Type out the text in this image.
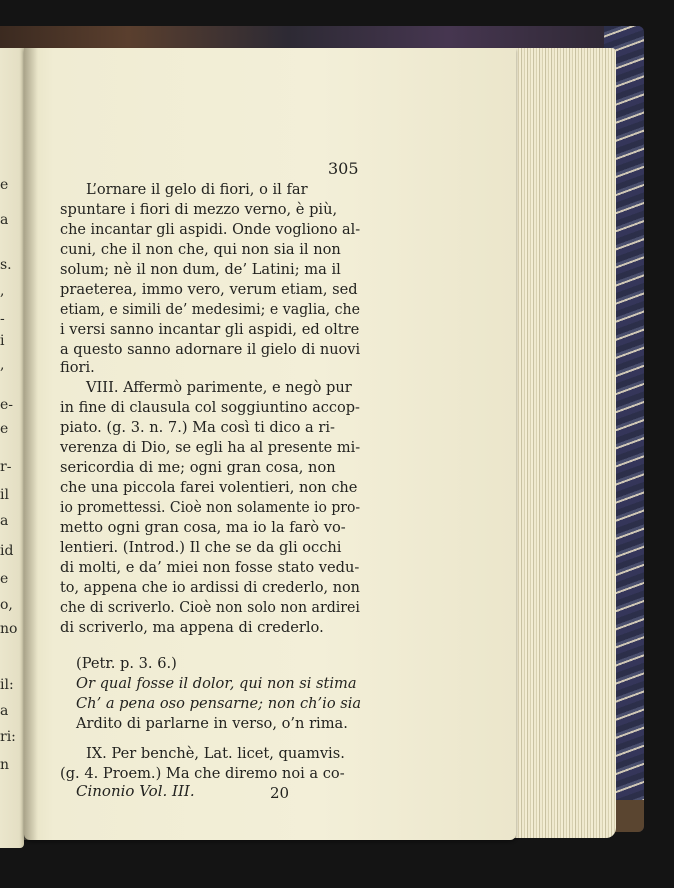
e
a
s.
,
-
i
,
e-
e
r-
il
a
id
e
o,
no
il:
a
ri:
n
305
L’ornare il gelo di fiori, o il far
spuntare i fiori di mezzo verno, è più,
che incantar gli aspidi. Onde vogliono al-
cuni, che il non che, qui non sia il non
solum; nè il non dum, de’ Latini; ma il
praeterea, immo vero, verum etiam, sed
etiam, e simili de’ medesimi; e vaglia, che
i versi sanno incantar gli aspidi, ed oltre
a questo sanno adornare il gielo di nuovi
fiori.
VIII. Affermò parimente, e negò pur
in fine di clausula col soggiuntino accop-
piato. (g. 3. n. 7.) Ma così ti dico a ri-
verenza di Dio, se egli ha al presente mi-
sericordia di me; ogni gran cosa, non
che una piccola farei volentieri, non che
io promettessi. Cioè non solamente io pro-
metto ogni gran cosa, ma io la farò vo-
lentieri. (Introd.) Il che se da gli occhi
di molti, e da’ miei non fosse stato vedu-
to, appena che io ardissi di crederlo, non
che di scriverlo. Cioè non solo non ardirei
di scriverlo, ma appena di crederlo.
(Petr. p. 3. 6.)
Or qual fosse il dolor, qui non si stima
Ch’ a pena oso pensarne; non ch’io sia
Ardito di parlarne in verso, o’n rima.
IX. Per benchè, Lat. licet, quamvis.
(g. 4. Proem.) Ma che diremo noi a co-
Cinonio Vol. III.	20
